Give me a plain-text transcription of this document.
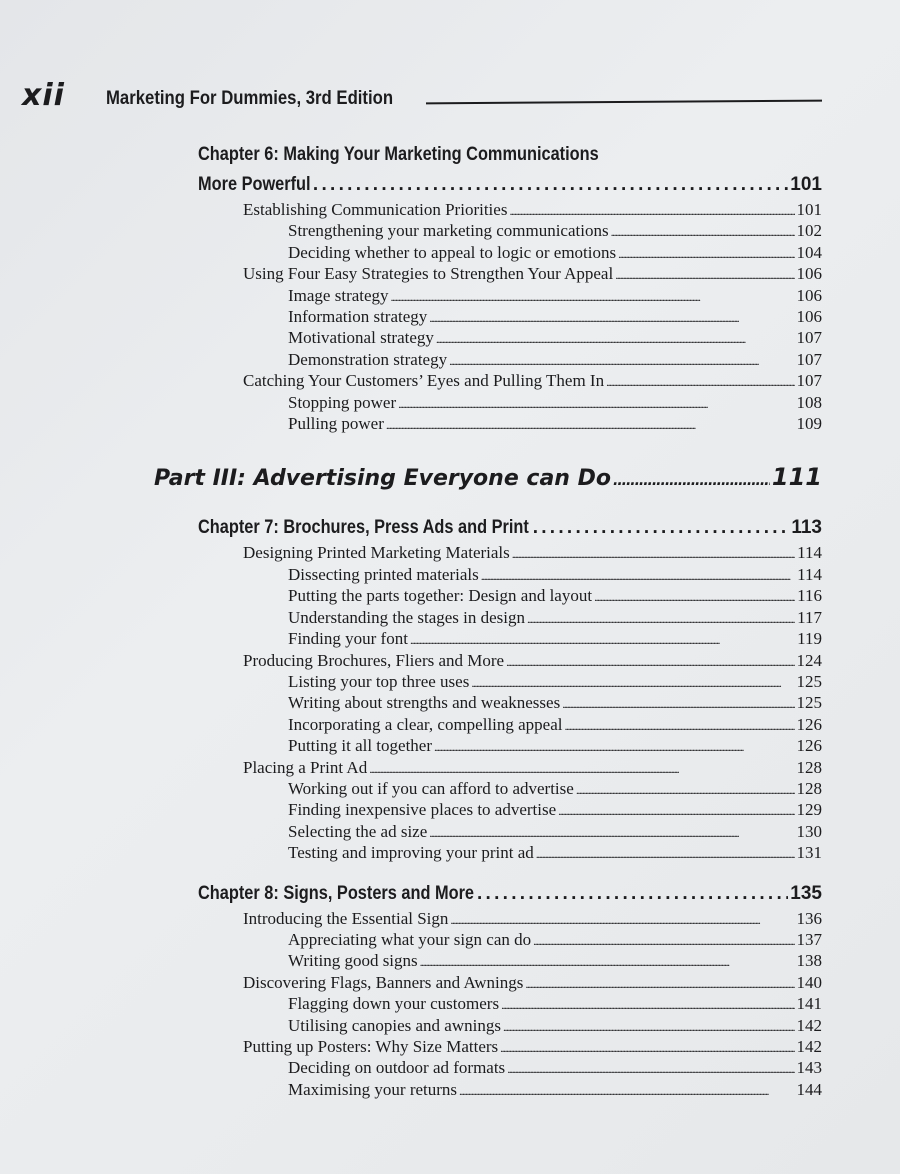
xii Marketing For Dummies, 3rd Edition
Chapter 6: Making Your Marketing Communications
More Powerful . . .	101
Establishing Communication Priorities .....	101
Strengthening your marketing communications .....	102
Deciding whether to appeal to logic or emotions .....	104
Using Four Easy Strategies to Strengthen Your Appeal .....	106
Image strategy .....	106
Information strategy .....	106
Motivational strategy .....	107
Demonstration strategy .....	107
Catching Your Customers’ Eyes and Pulling Them In .....	107
Stopping power .....	108
Pulling power .....	109
Part III: Advertising Everyone can Do .....	111
Chapter 7: Brochures, Press Ads and Print . . .	113
Designing Printed Marketing Materials .....	114
Dissecting printed materials .....	114
Putting the parts together: Design and layout .....	116
Understanding the stages in design .....	117
Finding your font .....	119
Producing Brochures, Fliers and More .....	124
Listing your top three uses .....	125
Writing about strengths and weaknesses .....	125
Incorporating a clear, compelling appeal .....	126
Putting it all together .....	126
Placing a Print Ad .....	128
Working out if you can afford to advertise .....	128
Finding inexpensive places to advertise .....	129
Selecting the ad size .....	130
Testing and improving your print ad .....	131
Chapter 8: Signs, Posters and More . . .	135
Introducing the Essential Sign .....	136
Appreciating what your sign can do .....	137
Writing good signs .....	138
Discovering Flags, Banners and Awnings .....	140
Flagging down your customers .....	141
Utilising canopies and awnings .....	142
Putting up Posters: Why Size Matters .....	142
Deciding on outdoor ad formats .....	143
Maximising your returns .....	144
